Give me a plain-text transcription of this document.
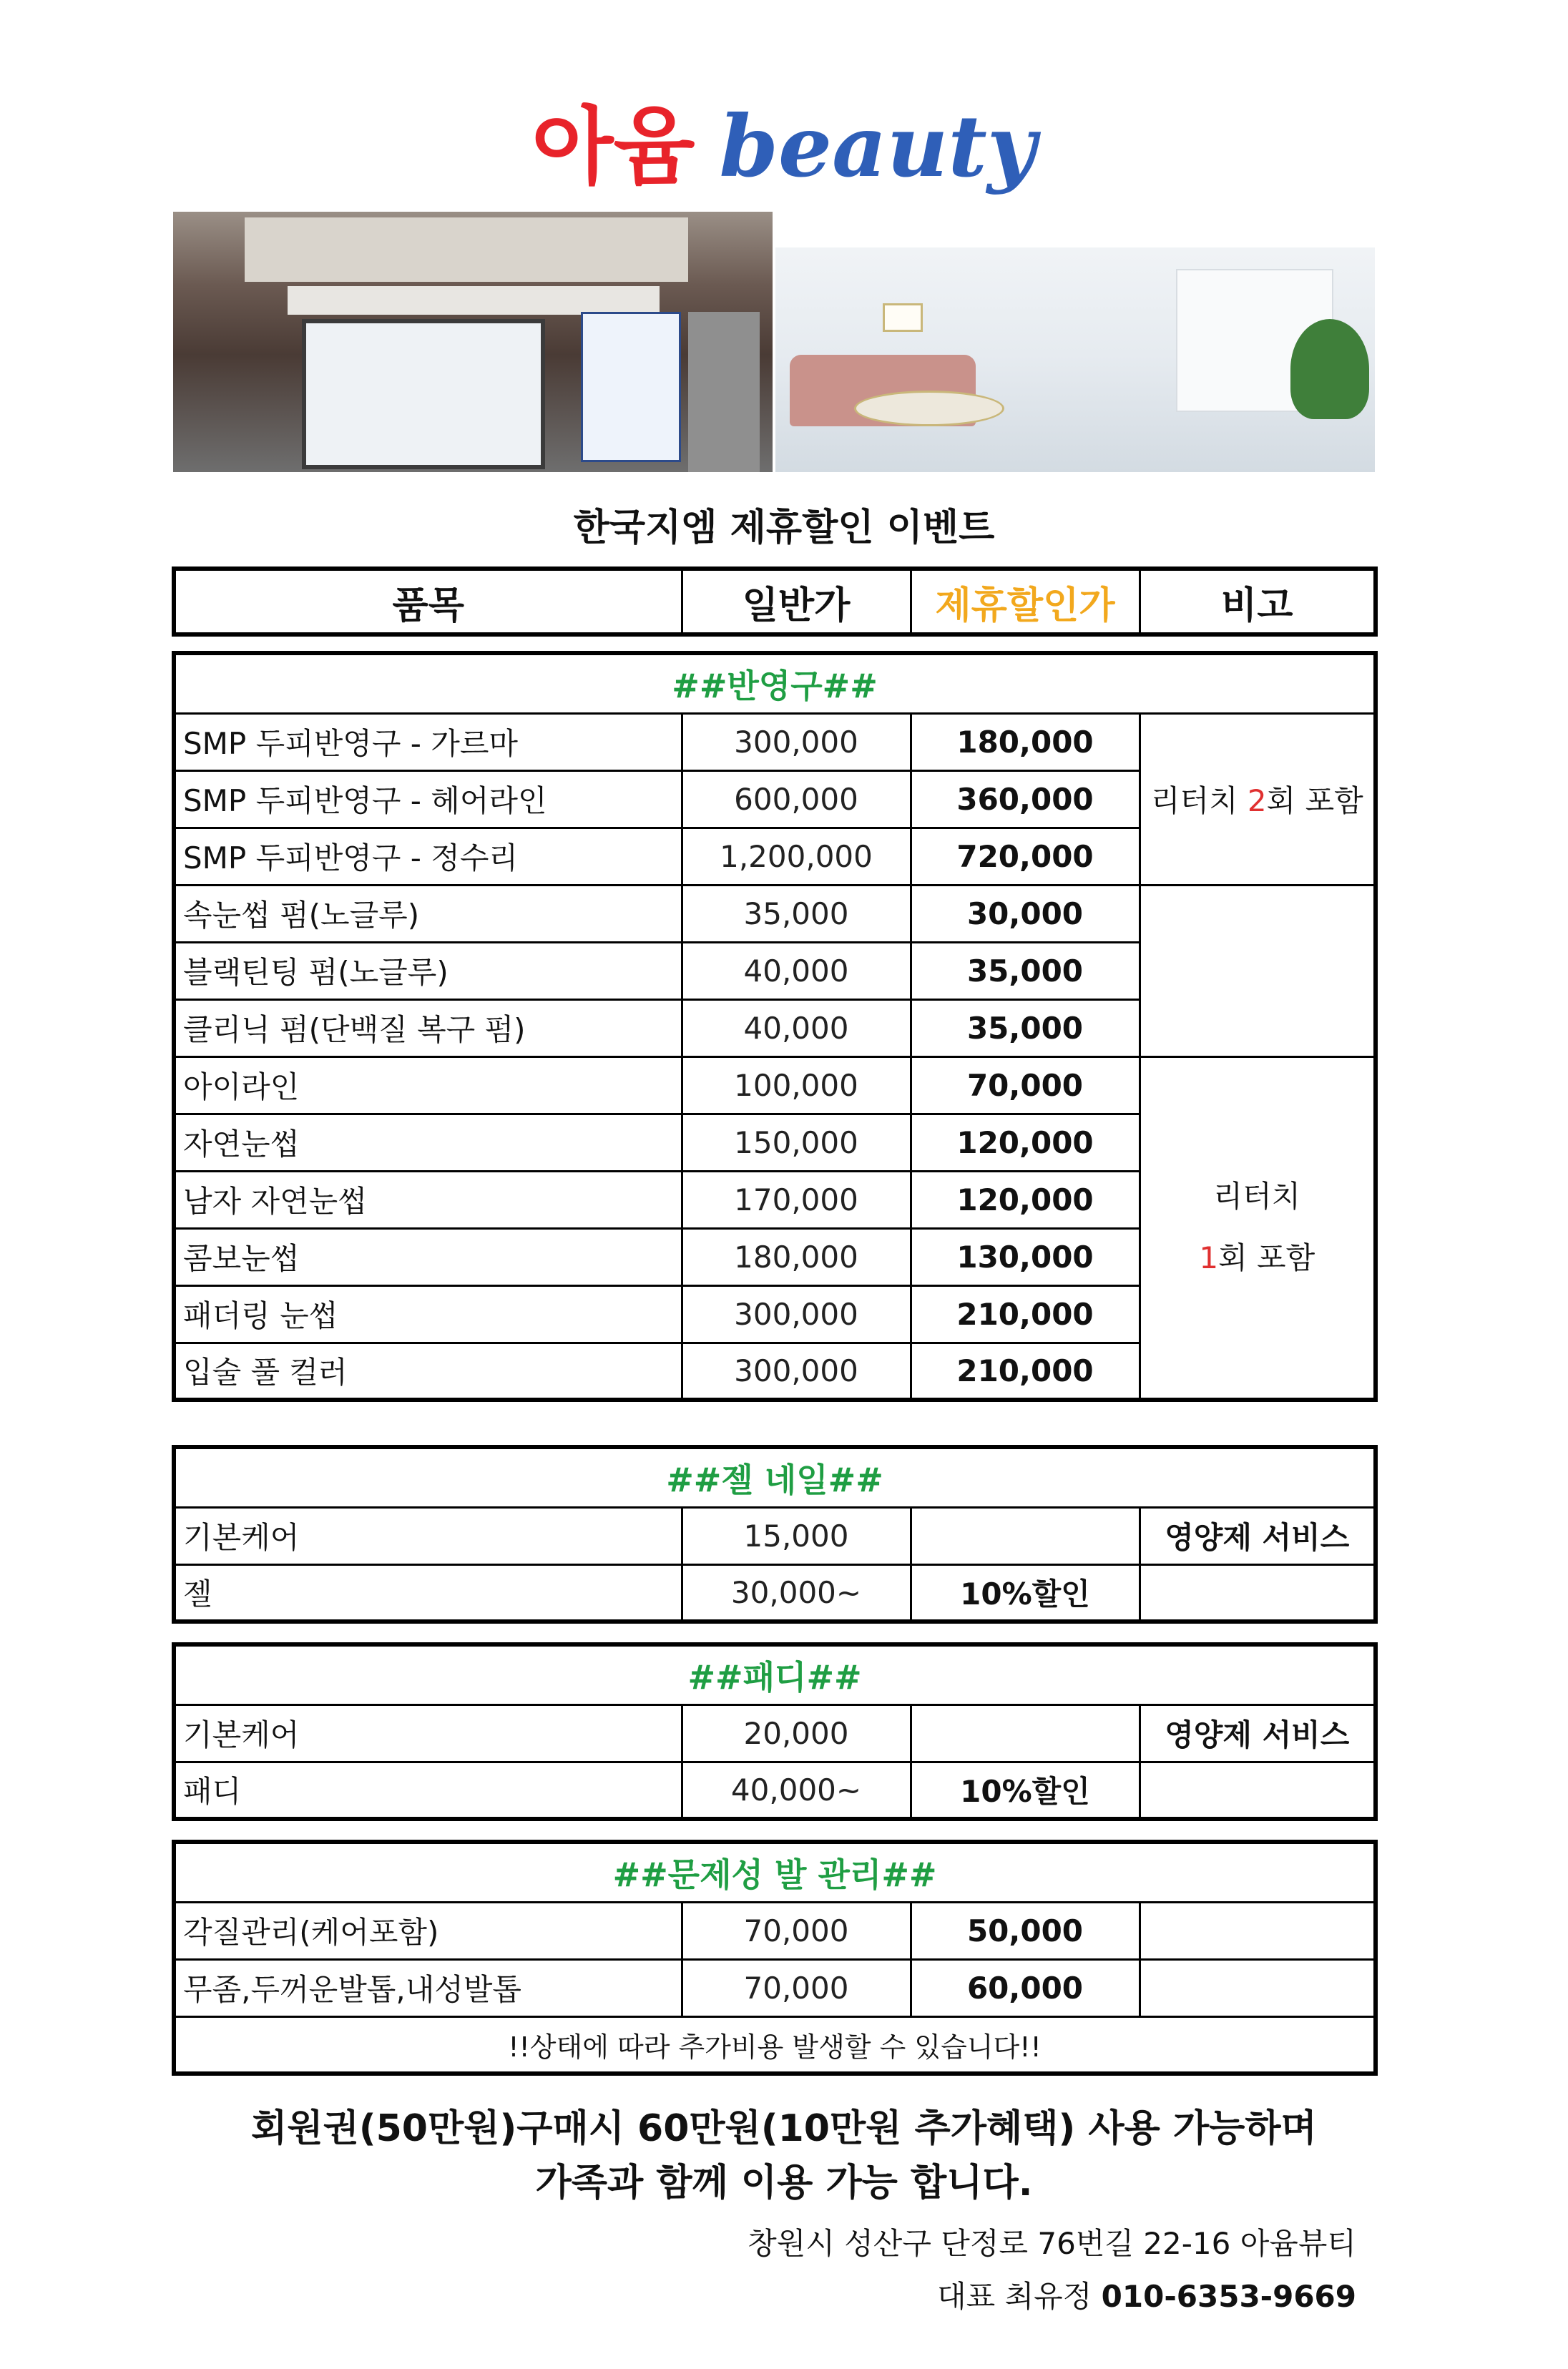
아윰 beauty
한국지엠 제휴할인 이벤트
품목	일반가	제휴할인가	비고
##반영구##			
SMP 두피반영구 - 가르마	300,000	180,000	리터치 2회 포함
SMP 두피반영구 - 헤어라인	600,000	360,000	
SMP 두피반영구 - 정수리	1,200,000	720,000	
속눈썹 펌(노글루)	35,000	30,000	
블랙틴팅 펌(노글루)	40,000	35,000	
클리닉 펌(단백질 복구 펌)	40,000	35,000	
아이라인	100,000	70,000	리터치
1회 포함
자연눈썹	150,000	120,000	
남자 자연눈썹	170,000	120,000	
콤보눈썹	180,000	130,000	
패더링 눈썹	300,000	210,000	
입술 풀 컬러	300,000	210,000	
##젤 네일##			
기본케어	15,000		영양제 서비스
젤	30,000~	10%할인	
##패디##			
기본케어	20,000		영양제 서비스
패디	40,000~	10%할인	
##문제성 발 관리##			
각질관리(케어포함)	70,000	50,000	
무좀,두꺼운발톱,내성발톱	70,000	60,000	
!!상태에 따라 추가비용 발생할 수 있습니다!!			
회원권(50만원)구매시 60만원(10만원 추가혜택) 사용 가능하며
가족과 함께 이용 가능 합니다.
창원시 성산구 단정로 76번길 22-16 아윰뷰티
대표 최유정 010-6353-9669
